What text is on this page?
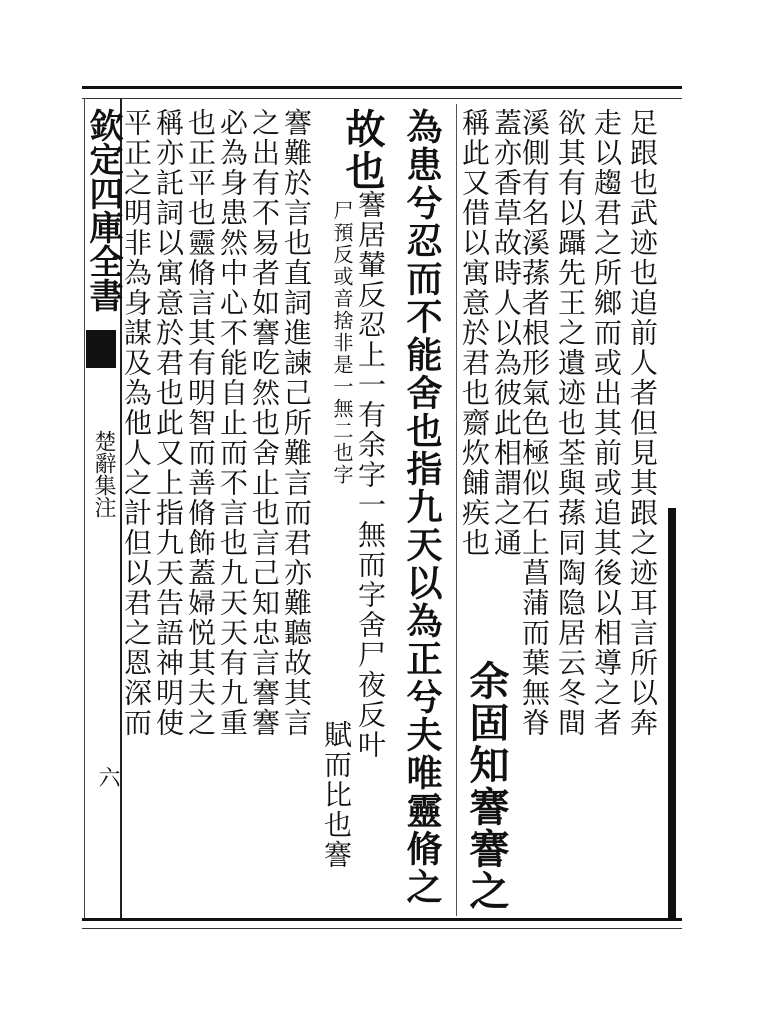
欽定四庫全書
楚辭集注
六
足跟也武迹也追前人者但見其跟之迹耳言所以奔
走以趨君之所鄉而或出其前或追其後以相導之者
欲其有以躡先王之遺迹也荃與蓀同陶隐居云冬間
溪側有名溪蓀者根形氣色極似石上菖蒲而葉無脊
蓋亦香草故時人以為彼此相謂之通
稱此又借以寓意於君也齌炊餔疾也
余固知謇謇之
為患兮忍而不能舍也指九天以為正兮夫唯靈脩之
故也
謇居輦反忍上一有余字一無而字舍尸夜反叶
尸預反或音捨非是一無二也字
賦而比也謇
謇難於言也直詞進諫己所難言而君亦難聽故其言
之出有不易者如謇吃然也舍止也言己知忠言謇謇
必為身患然中心不能自止而不言也九天天有九重
也正平也靈脩言其有明智而善脩飾蓋婦悦其夫之
稱亦託詞以寓意於君也此又上指九天告語神明使
平正之明非為身謀及為他人之計但以君之恩深而
